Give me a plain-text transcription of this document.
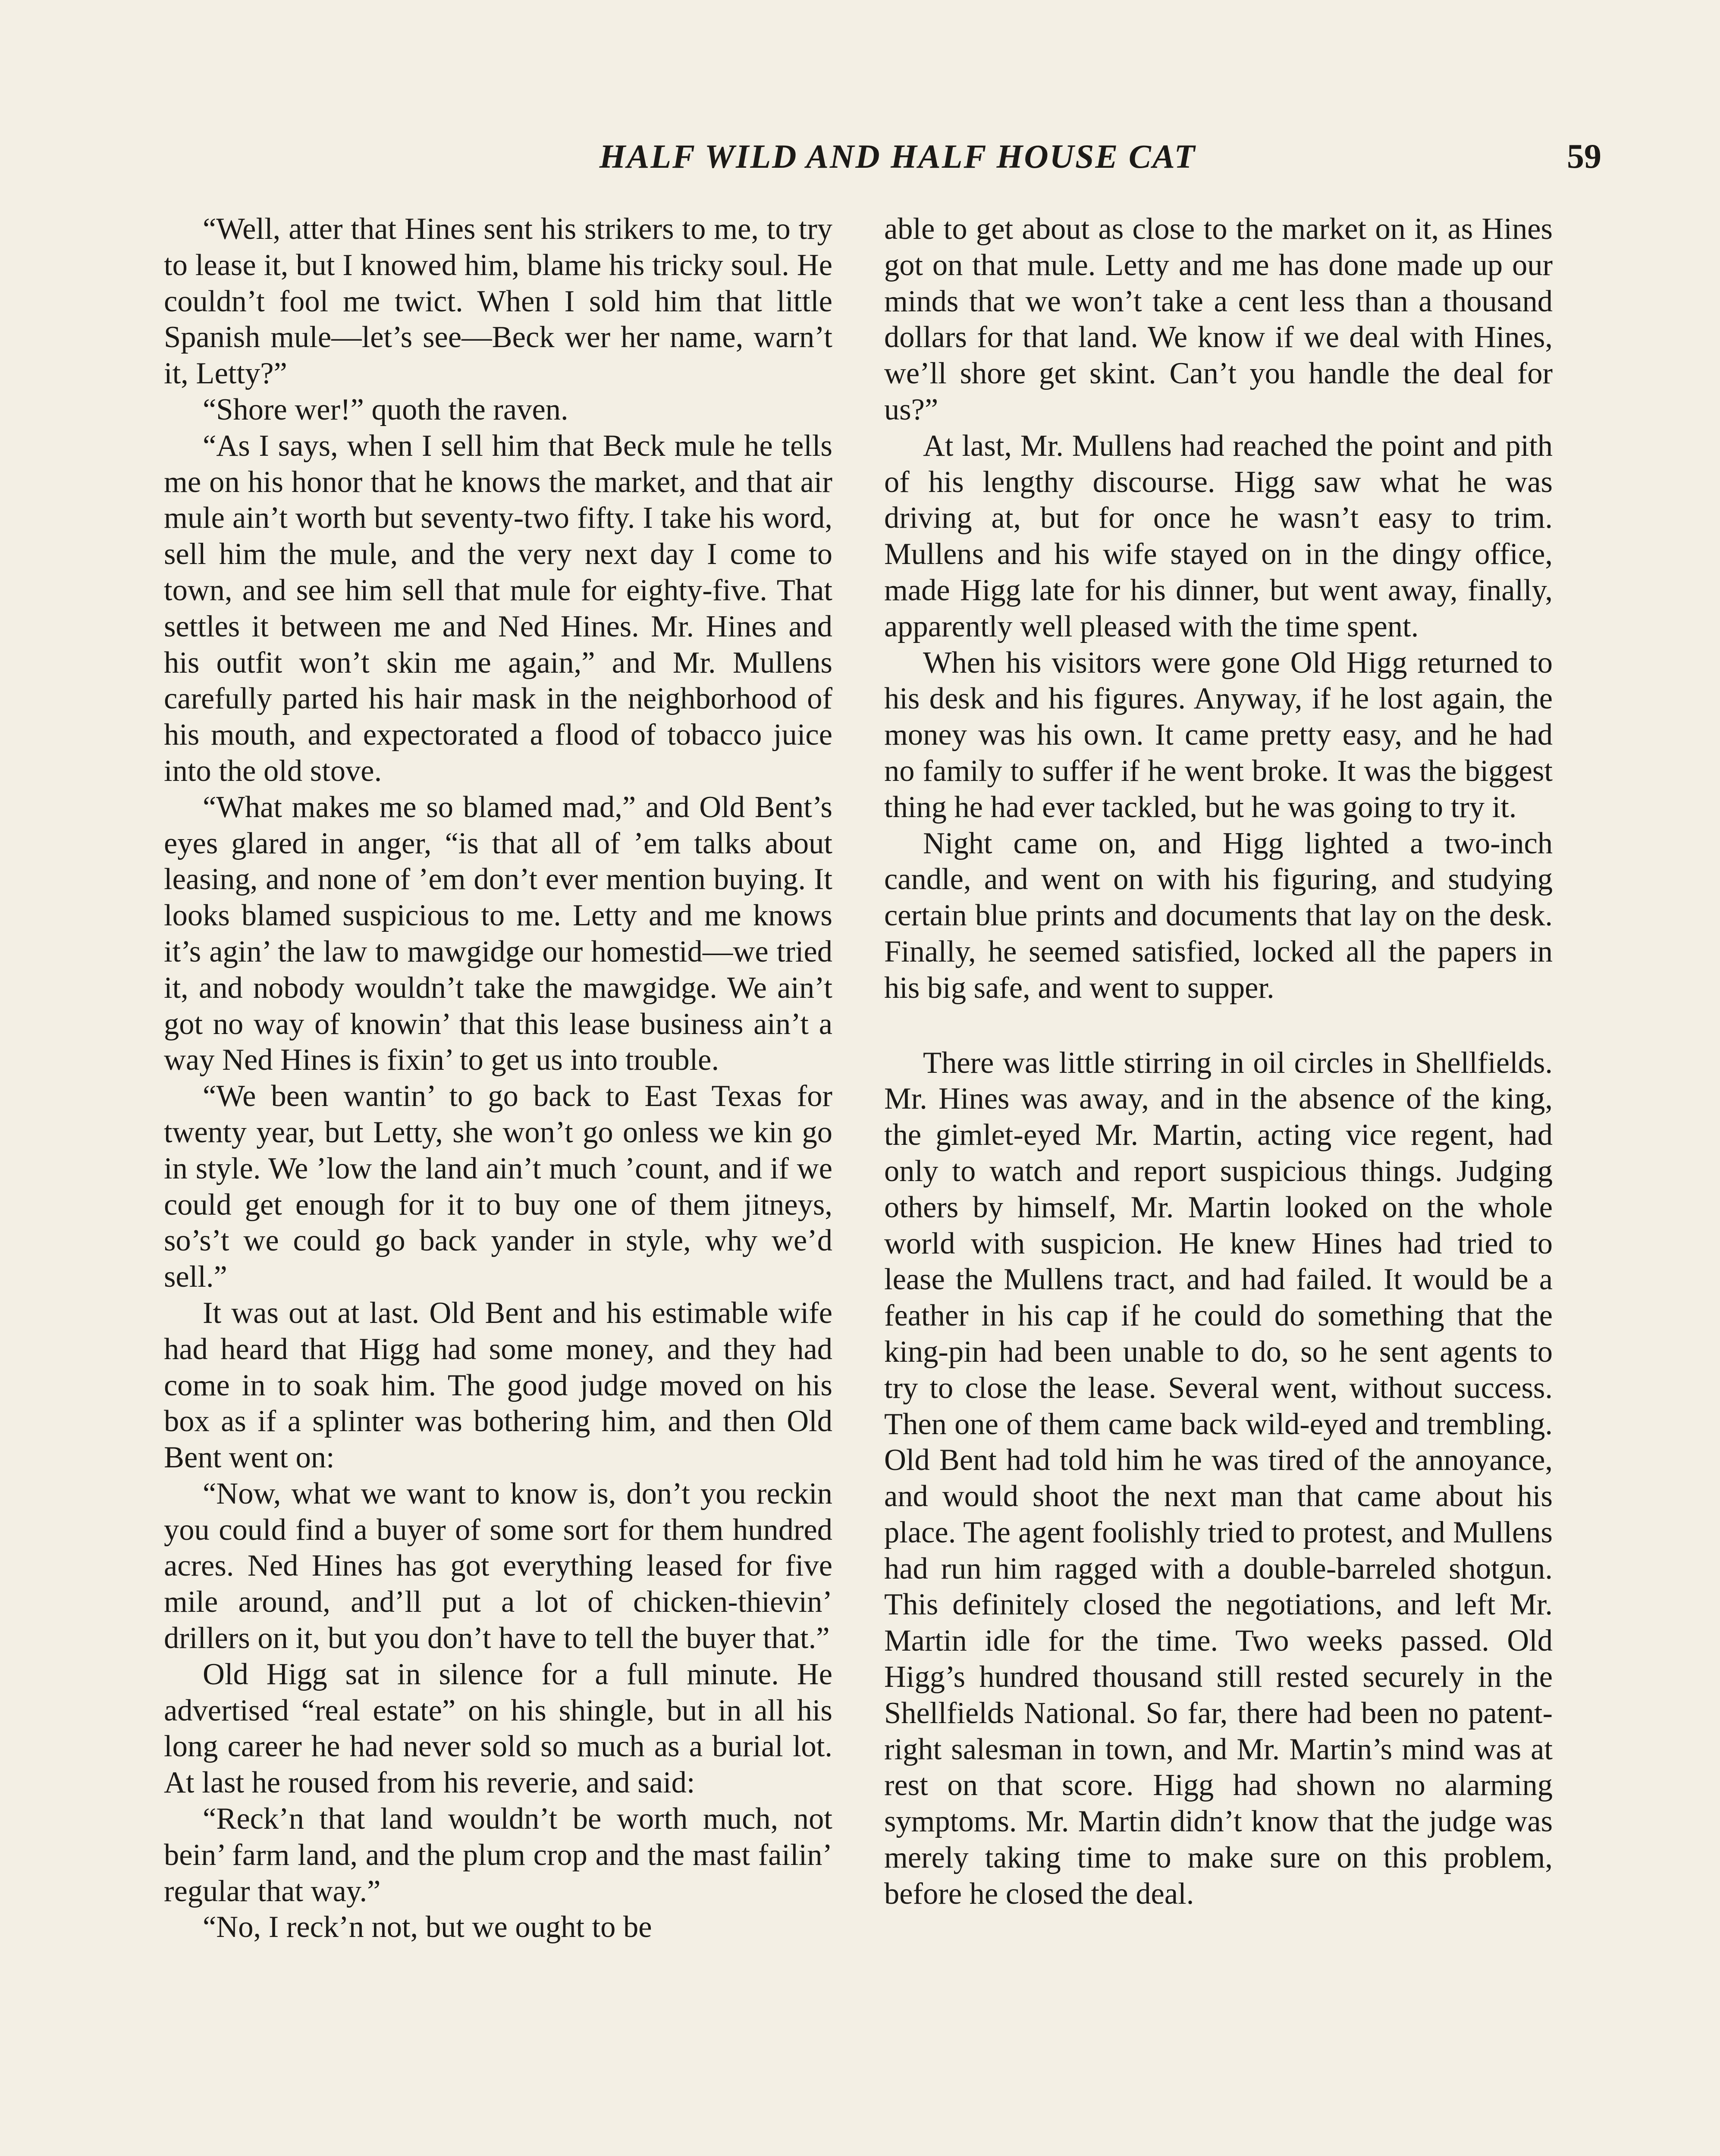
HALF WILD AND HALF HOUSE CAT	59

“Well, atter that Hines sent his strikers to me, to try to lease it, but I knowed him, blame his tricky soul. He couldn’t fool me twict. When I sold him that little Spanish mule—let’s see—Beck wer her name, warn’t it, Letty?”

“Shore wer!” quoth the raven.

“As I says, when I sell him that Beck mule he tells me on his honor that he knows the market, and that air mule ain’t worth but seventy-two fifty. I take his word, sell him the mule, and the very next day I come to town, and see him sell that mule for eighty-five. That settles it between me and Ned Hines. Mr. Hines and his outfit won’t skin me again,” and Mr. Mullens carefully parted his hair mask in the neighborhood of his mouth, and expectorated a flood of tobacco juice into the old stove.

“What makes me so blamed mad,” and Old Bent’s eyes glared in anger, “is that all of ’em talks about leasing, and none of ’em don’t ever mention buying. It looks blamed suspicious to me. Letty and me knows it’s agin’ the law to mawgidge our homestid—we tried it, and nobody wouldn’t take the mawgidge. We ain’t got no way of knowin’ that this lease business ain’t a way Ned Hines is fixin’ to get us into trouble.

“We been wantin’ to go back to East Texas for twenty year, but Letty, she won’t go onless we kin go in style. We ’low the land ain’t much ’count, and if we could get enough for it to buy one of them jitneys, so’s’t we could go back yander in style, why we’d sell.”

It was out at last. Old Bent and his estimable wife had heard that Higg had some money, and they had come in to soak him. The good judge moved on his box as if a splinter was bothering him, and then Old Bent went on:

“Now, what we want to know is, don’t you reckin you could find a buyer of some sort for them hundred acres. Ned Hines has got everything leased for five mile around, and’ll put a lot of chicken-thievin’ drillers on it, but you don’t have to tell the buyer that.”

Old Higg sat in silence for a full minute. He advertised “real estate” on his shingle, but in all his long career he had never sold so much as a burial lot. At last he roused from his reverie, and said:

“Reck’n that land wouldn’t be worth much, not bein’ farm land, and the plum crop and the mast failin’ regular that way.”

“No, I reck’n not, but we ought to be

able to get about as close to the market on it, as Hines got on that mule. Letty and me has done made up our minds that we won’t take a cent less than a thousand dollars for that land. We know if we deal with Hines, we’ll shore get skint. Can’t you handle the deal for us?”

At last, Mr. Mullens had reached the point and pith of his lengthy discourse. Higg saw what he was driving at, but for once he wasn’t easy to trim. Mullens and his wife stayed on in the dingy office, made Higg late for his dinner, but went away, finally, apparently well pleased with the time spent.

When his visitors were gone Old Higg returned to his desk and his figures. Anyway, if he lost again, the money was his own. It came pretty easy, and he had no family to suffer if he went broke. It was the biggest thing he had ever tackled, but he was going to try it.

Night came on, and Higg lighted a two-inch candle, and went on with his figuring, and studying certain blue prints and documents that lay on the desk. Finally, he seemed satisfied, locked all the papers in his big safe, and went to supper.

There was little stirring in oil circles in Shellfields. Mr. Hines was away, and in the absence of the king, the gimlet-eyed Mr. Martin, acting vice regent, had only to watch and report suspicious things. Judging others by himself, Mr. Martin looked on the whole world with suspicion. He knew Hines had tried to lease the Mullens tract, and had failed. It would be a feather in his cap if he could do something that the king-pin had been unable to do, so he sent agents to try to close the lease. Several went, without success. Then one of them came back wild-eyed and trembling. Old Bent had told him he was tired of the annoyance, and would shoot the next man that came about his place. The agent foolishly tried to protest, and Mullens had run him ragged with a double-barreled shotgun. This definitely closed the negotiations, and left Mr. Martin idle for the time. Two weeks passed. Old Higg’s hundred thousand still rested securely in the Shellfields National. So far, there had been no patent-right salesman in town, and Mr. Martin’s mind was at rest on that score. Higg had shown no alarming symptoms. Mr. Martin didn’t know that the judge was merely taking time to make sure on this problem, before he closed the deal.
